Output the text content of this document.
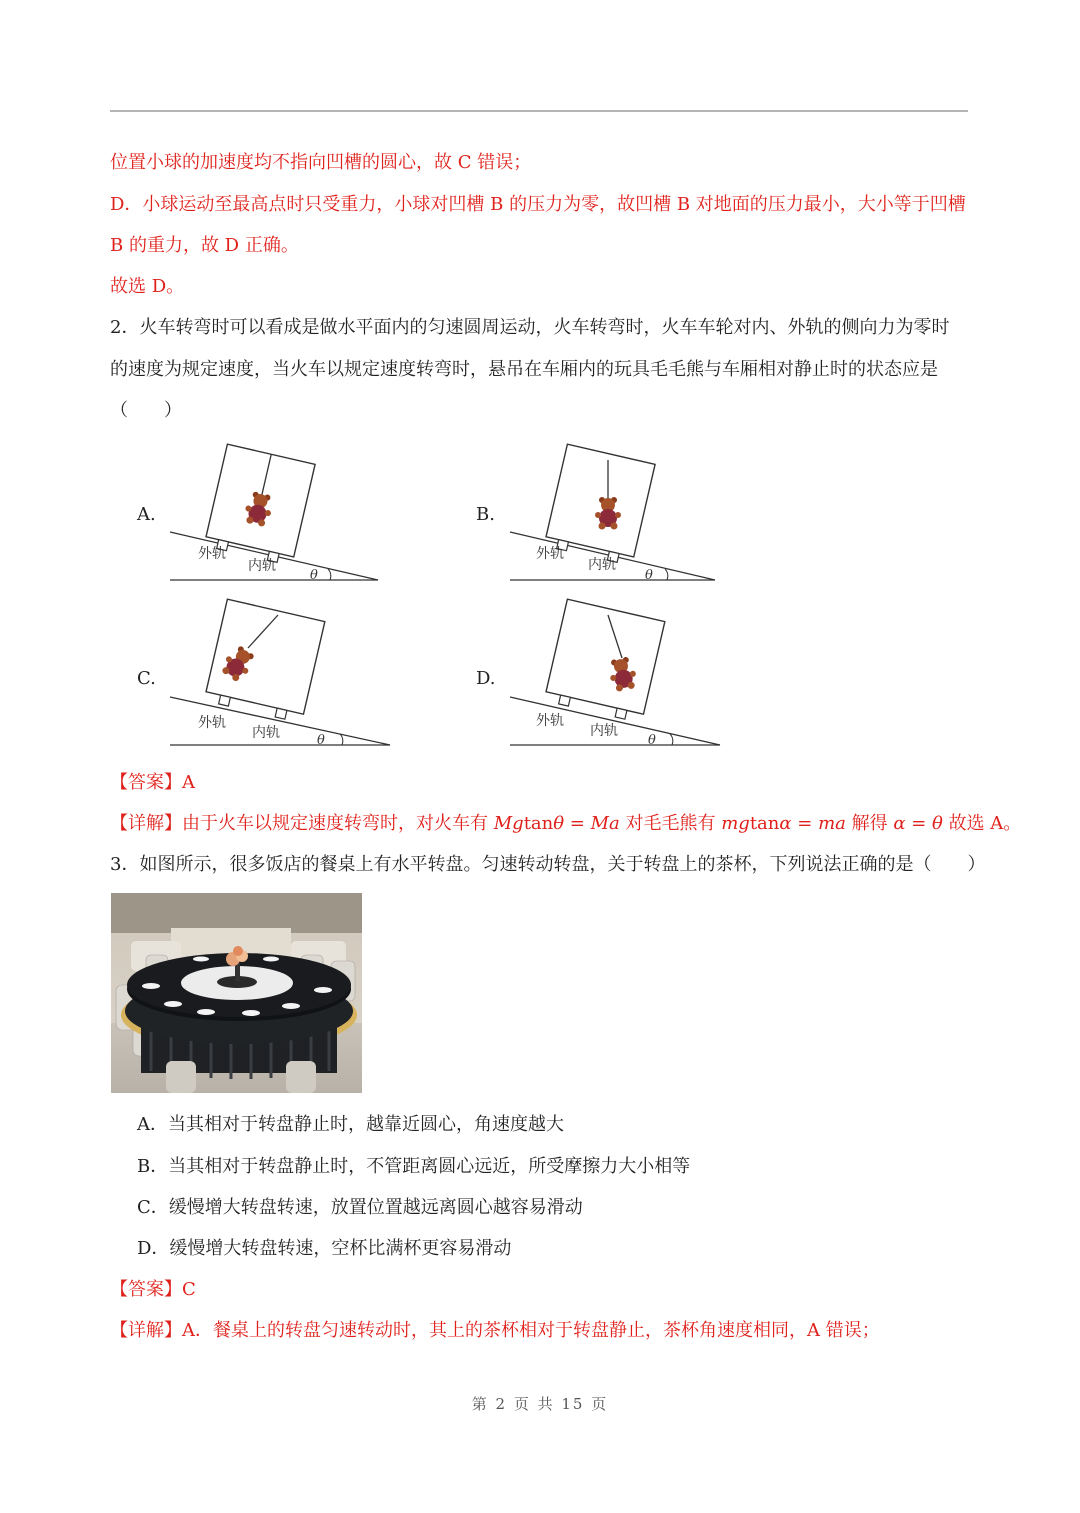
位置小球的加速度均不指向凹槽的圆心，故 C 错误；
D．小球运动至最高点时只受重力，小球对凹槽 B 的压力为零，故凹槽 B 对地面的压力最小，大小等于凹槽
B 的重力，故 D 正确。
故选 D。
2．火车转弯时可以看成是做水平面内的匀速圆周运动，火车转弯时，火车车轮对内、外轨的侧向力为零时
的速度为规定速度，当火车以规定速度转弯时，悬吊在车厢内的玩具毛毛熊与车厢相对静止时的状态应是
（　　）
A.	B.
C.	D.
外轨
内轨
θ
外轨
内轨
θ
外轨
内轨	θ
外轨
内轨
θ
【答案】A
【详解】由于火车以规定速度转弯时，对火车有 Mgtanθ = Ma 对毛毛熊有 mgtanα = ma 解得 α = θ 故选 A。
3．如图所示，很多饭店的餐桌上有水平转盘。匀速转动转盘，关于转盘上的茶杯，下列说法正确的是（　　）
A．当其相对于转盘静止时，越靠近圆心，角速度越大
B．当其相对于转盘静止时，不管距离圆心远近，所受摩擦力大小相等
C．缓慢增大转盘转速，放置位置越远离圆心越容易滑动
D．缓慢增大转盘转速，空杯比满杯更容易滑动
【答案】C
【详解】A．餐桌上的转盘匀速转动时，其上的茶杯相对于转盘静止，茶杯角速度相同，A 错误；
第 2 页 共 15 页
